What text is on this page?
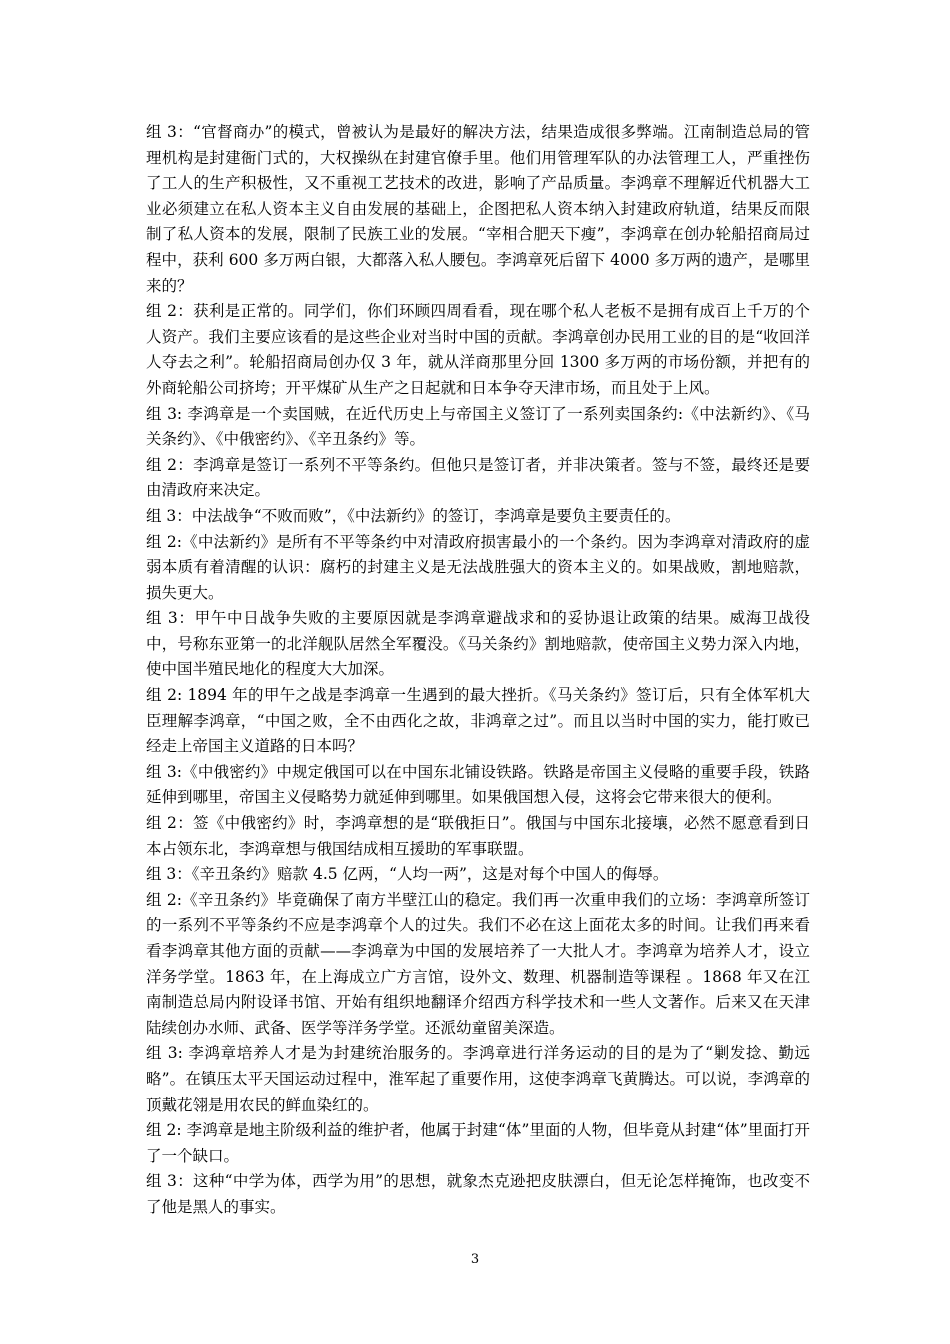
组 3：“官督商办”的模式，曾被认为是最好的解决方法，结果造成很多弊端。江南制造总局的管理机构是封建衙门式的，大权操纵在封建官僚手里。他们用管理军队的办法管理工人，严重挫伤了工人的生产积极性，又不重视工艺技术的改进，影响了产品质量。李鸿章不理解近代机器大工业必须建立在私人资本主义自由发展的基础上，企图把私人资本纳入封建政府轨道，结果反而限制了私人资本的发展，限制了民族工业的发展。“宰相合肥天下瘦”，李鸿章在创办轮船招商局过程中，获利 600 多万两白银，大都落入私人腰包。李鸿章死后留下 4000 多万两的遗产，是哪里来的？

组 2：获利是正常的。同学们，你们环顾四周看看，现在哪个私人老板不是拥有成百上千万的个人资产。我们主要应该看的是这些企业对当时中国的贡献。李鸿章创办民用工业的目的是“收回洋人夺去之利”。轮船招商局创办仅 3 年，就从洋商那里分回 1300 多万两的市场份额，并把有的外商轮船公司挤垮；开平煤矿从生产之日起就和日本争夺天津市场，而且处于上风。

组 3: 李鸿章是一个卖国贼，在近代历史上与帝国主义签订了一系列卖国条约:《中法新约》、《马关条约》、《中俄密约》、《辛丑条约》等。

组 2：李鸿章是签订一系列不平等条约。但他只是签订者，并非决策者。签与不签，最终还是要由清政府来决定。

组 3：中法战争“不败而败”，《中法新约》的签订，李鸿章是要负主要责任的。

组 2:《中法新约》是所有不平等条约中对清政府损害最小的一个条约。因为李鸿章对清政府的虚弱本质有着清醒的认识：腐朽的封建主义是无法战胜强大的资本主义的。如果战败，割地赔款，损失更大。

组 3：甲午中日战争失败的主要原因就是李鸿章避战求和的妥协退让政策的结果。威海卫战役中，号称东亚第一的北洋舰队居然全军覆没。《马关条约》割地赔款，使帝国主义势力深入内地，使中国半殖民地化的程度大大加深。

组 2: 1894 年的甲午之战是李鸿章一生遇到的最大挫折。《马关条约》签订后，只有全体军机大臣理解李鸿章，“中国之败，全不由西化之故，非鸿章之过”。而且以当时中国的实力，能打败已经走上帝国主义道路的日本吗？

组 3:《中俄密约》中规定俄国可以在中国东北铺设铁路。铁路是帝国主义侵略的重要手段，铁路延伸到哪里，帝国主义侵略势力就延伸到哪里。如果俄国想入侵，这将会它带来很大的便利。

组 2：签《中俄密约》时，李鸿章想的是“联俄拒日”。俄国与中国东北接壤，必然不愿意看到日本占领东北，李鸿章想与俄国结成相互援助的军事联盟。

组 3：《辛丑条约》赔款 4.5 亿两，“人均一两”，这是对每个中国人的侮辱。

组 2:《辛丑条约》毕竟确保了南方半壁江山的稳定。我们再一次重申我们的立场：李鸿章所签订的一系列不平等条约不应是李鸿章个人的过失。我们不必在这上面花太多的时间。让我们再来看看李鸿章其他方面的贡献——李鸿章为中国的发展培养了一大批人才。李鸿章为培养人才，设立洋务学堂。1863 年，在上海成立广方言馆，设外文、数理、机器制造等课程 。1868 年又在江南制造总局内附设译书馆、开始有组织地翻译介绍西方科学技术和一些人文著作。后来又在天津陆续创办水师、武备、医学等洋务学堂。还派幼童留美深造。

组 3: 李鸿章培养人才是为封建统治服务的。李鸿章进行洋务运动的目的是为了“剿发捻、勤远略”。在镇压太平天国运动过程中，淮军起了重要作用，这使李鸿章飞黄腾达。可以说，李鸿章的顶戴花翎是用农民的鲜血染红的。

组 2: 李鸿章是地主阶级利益的维护者，他属于封建“体”里面的人物，但毕竟从封建“体”里面打开了一个缺口。

组 3：这种“中学为体，西学为用”的思想，就象杰克逊把皮肤漂白，但无论怎样掩饰，也改变不了他是黑人的事实。

3
